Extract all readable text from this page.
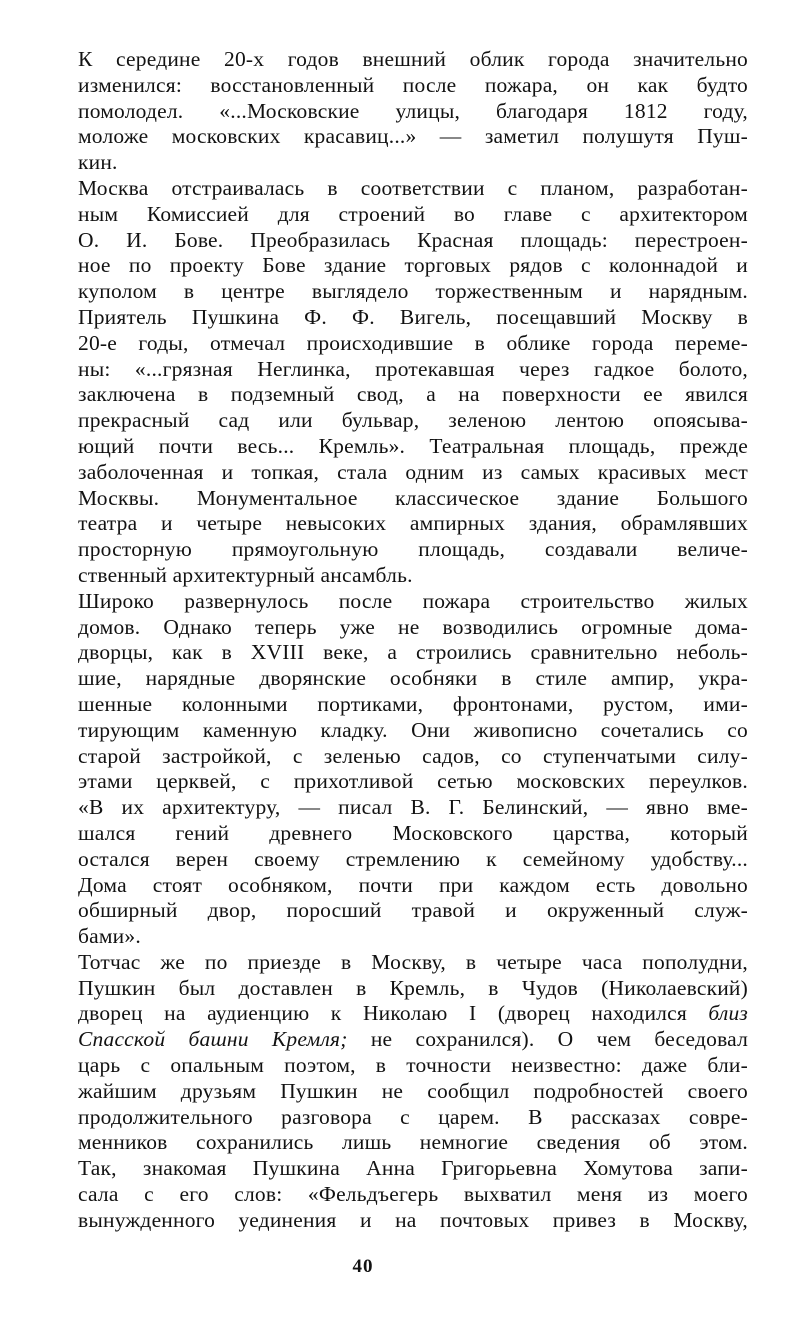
К середине 20-х годов внешний облик города значительно
изменился: восстановленный после пожара, он как будто
помолодел. «...Московские улицы, благодаря 1812 году,
моложе московских красавиц...» — заметил полушутя Пуш-
кин.
Москва отстраивалась в соответствии с планом, разработан-
ным Комиссией для строений во главе с архитектором
О. И. Бове. Преобразилась Красная площадь: перестроен-
ное по проекту Бове здание торговых рядов с колоннадой и
куполом в центре выглядело торжественным и нарядным.
Приятель Пушкина Ф. Ф. Вигель, посещавший Москву в
20-е годы, отмечал происходившие в облике города переме-
ны: «...грязная Неглинка, протекавшая через гадкое болото,
заключена в подземный свод, а на поверхности ее явился
прекрасный сад или бульвар, зеленою лентою опоясыва-
ющий почти весь... Кремль». Театральная площадь, прежде
заболоченная и топкая, стала одним из самых красивых мест
Москвы. Монументальное классическое здание Большого
театра и четыре невысоких ампирных здания, обрамлявших
просторную прямоугольную площадь, создавали величе-
ственный архитектурный ансамбль.
Широко развернулось после пожара строительство жилых
домов. Однако теперь уже не возводились огромные дома-
дворцы, как в XVIII веке, а строились сравнительно неболь-
шие, нарядные дворянские особняки в стиле ампир, укра-
шенные колонными портиками, фронтонами, рустом, ими-
тирующим каменную кладку. Они живописно сочетались со
старой застройкой, с зеленью садов, со ступенчатыми силу-
этами церквей, с прихотливой сетью московских переулков.
«В их архитектуру, — писал В. Г. Белинский, — явно вме-
шался гений древнего Московского царства, который
остался верен своему стремлению к семейному удобству...
Дома стоят особняком, почти при каждом есть довольно
обширный двор, поросший травой и окруженный служ-
бами».
Тотчас же по приезде в Москву, в четыре часа пополудни,
Пушкин был доставлен в Кремль, в Чудов (Николаевский)
дворец на аудиенцию к Николаю I (дворец находился близ
Спасской башни Кремля; не сохранился). О чем беседовал
царь с опальным поэтом, в точности неизвестно: даже бли-
жайшим друзьям Пушкин не сообщил подробностей своего
продолжительного разговора с царем. В рассказах совре-
менников сохранились лишь немногие сведения об этом.
Так, знакомая Пушкина Анна Григорьевна Хомутова запи-
сала с его слов: «Фельдъегерь выхватил меня из моего
вынужденного уединения и на почтовых привез в Москву,
40
